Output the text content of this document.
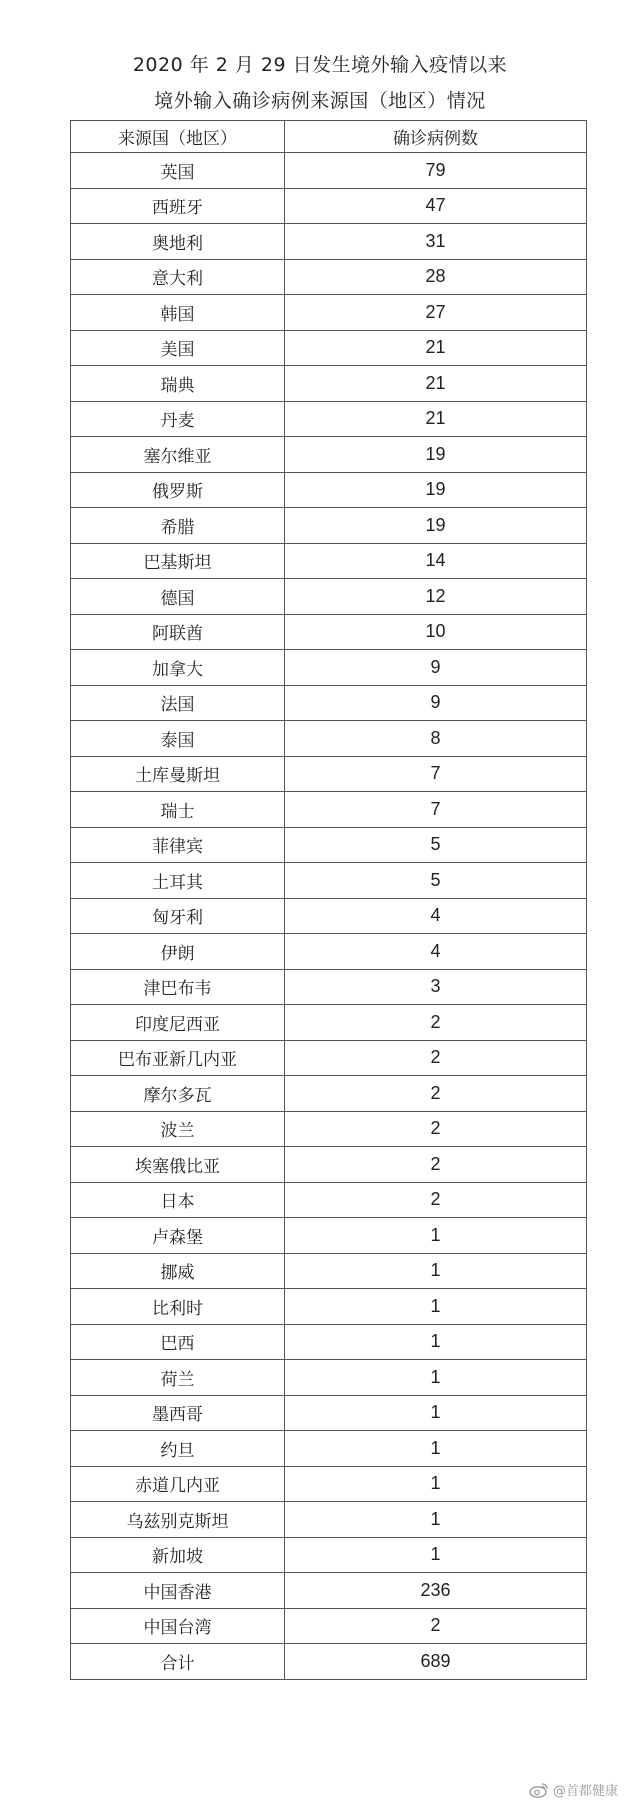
2020 年 2 月 29 日发生境外输入疫情以来
境外输入确诊病例来源国（地区）情况
来源国（地区）	确诊病例数
英国	79
西班牙	47
奥地利	31
意大利	28
韩国	27
美国	21
瑞典	21
丹麦	21
塞尔维亚	19
俄罗斯	19
希腊	19
巴基斯坦	14
德国	12
阿联酋	10
加拿大	9
法国	9
泰国	8
土库曼斯坦	7
瑞士	7
菲律宾	5
土耳其	5
匈牙利	4
伊朗	4
津巴布韦	3
印度尼西亚	2
巴布亚新几内亚	2
摩尔多瓦	2
波兰	2
埃塞俄比亚	2
日本	2
卢森堡	1
挪威	1
比利时	1
巴西	1
荷兰	1
墨西哥	1
约旦	1
赤道几内亚	1
乌兹别克斯坦	1
新加坡	1
中国香港	236
中国台湾	2
合计	689
@首都健康
